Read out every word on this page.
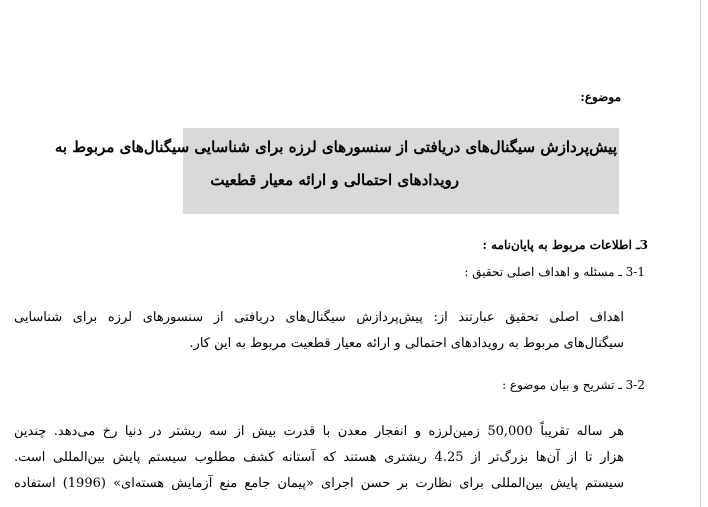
موضوع:
پیش‌پردازش سیگنال‌های دریافتی از سنسورهای لرزه برای شناسایی سیگنال‌های مربوط به
رویدادهای احتمالی و ارائه معیار قطعیت
3ـ اطلاعات مربوط به پایان‌نامه :
3-1 ـ مسئله و اهداف اصلی تحقیق :
اهداف اصلی تحقیق عبارتند از: پیش‌پردازش سیگنال‌های دریافتی از سنسورهای لرزه برای شناسایی
سیگنال‌های مربوط به رویدادهای احتمالی و ارائه معیار قطعیت مربوط به این کار.
3-2 ـ تشریح و بیان موضوع :
هر ساله تقریباً 50,000 زمین‌لرزه و انفجار معدن با قدرت بیش از سه ریشتر در دنیا رخ می‌دهد. چندین
هزار تا از آن‌ها بزرگ‌تر از 4.25 ریشتری هستند که آستانه کشف مطلوب سیستم پایش بین‌المللی است.
سیستم پایش بین‌المللی برای نظارت بر حسن اجرای «پیمان جامع منع آزمایش هسته‌ای» (1996) استفاده
